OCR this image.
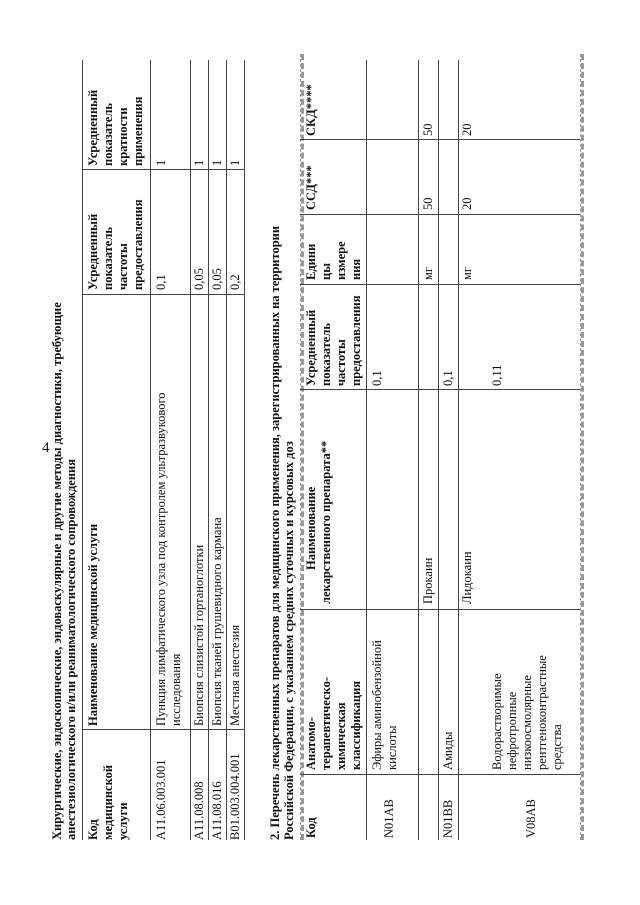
4 Хирургические, эндоскопические, эндоваскулярные и другие методы диагностики, требующие анестезиологического и/или реаниматологического сопровождения Код медицинской услуги
Наименование медицинской услуги
Усредненный показатель частоты предоставления
Усредненный показатель кратности применения
A11.06.003.001
Пункция лимфатического узла под контролем ультразвукового исследования
0,1
1
A11.08.008
Биопсия слизистой гортаноглотки
0,05
1
A11.08.016
Биопсия тканей грушевидного кармана
0,05
1
B01.003.004.001
Местная анестезия
0,2
1
2. Перечень лекарственных препаратов для медицинского применения, зарегистрированных на территории Российской Федерации, с указанием средних суточных и курсовых доз Код
Анатомо- терапевтическо- химическая классификация
Наименование лекарственного препарата**
Усредненный показатель частоты предоставления
Едини цы измере ния
ССД***
СКД****
N01AB
Эфиры аминобензойной кислоты
0,1
Прокаин
мг
50
50
N01BB
Амиды
0,1
Лидокаин
мг
20
20
V08AB
Водорастворимые нефротропные низкоосмолярные рентгеноконтрастные средства
0,11
